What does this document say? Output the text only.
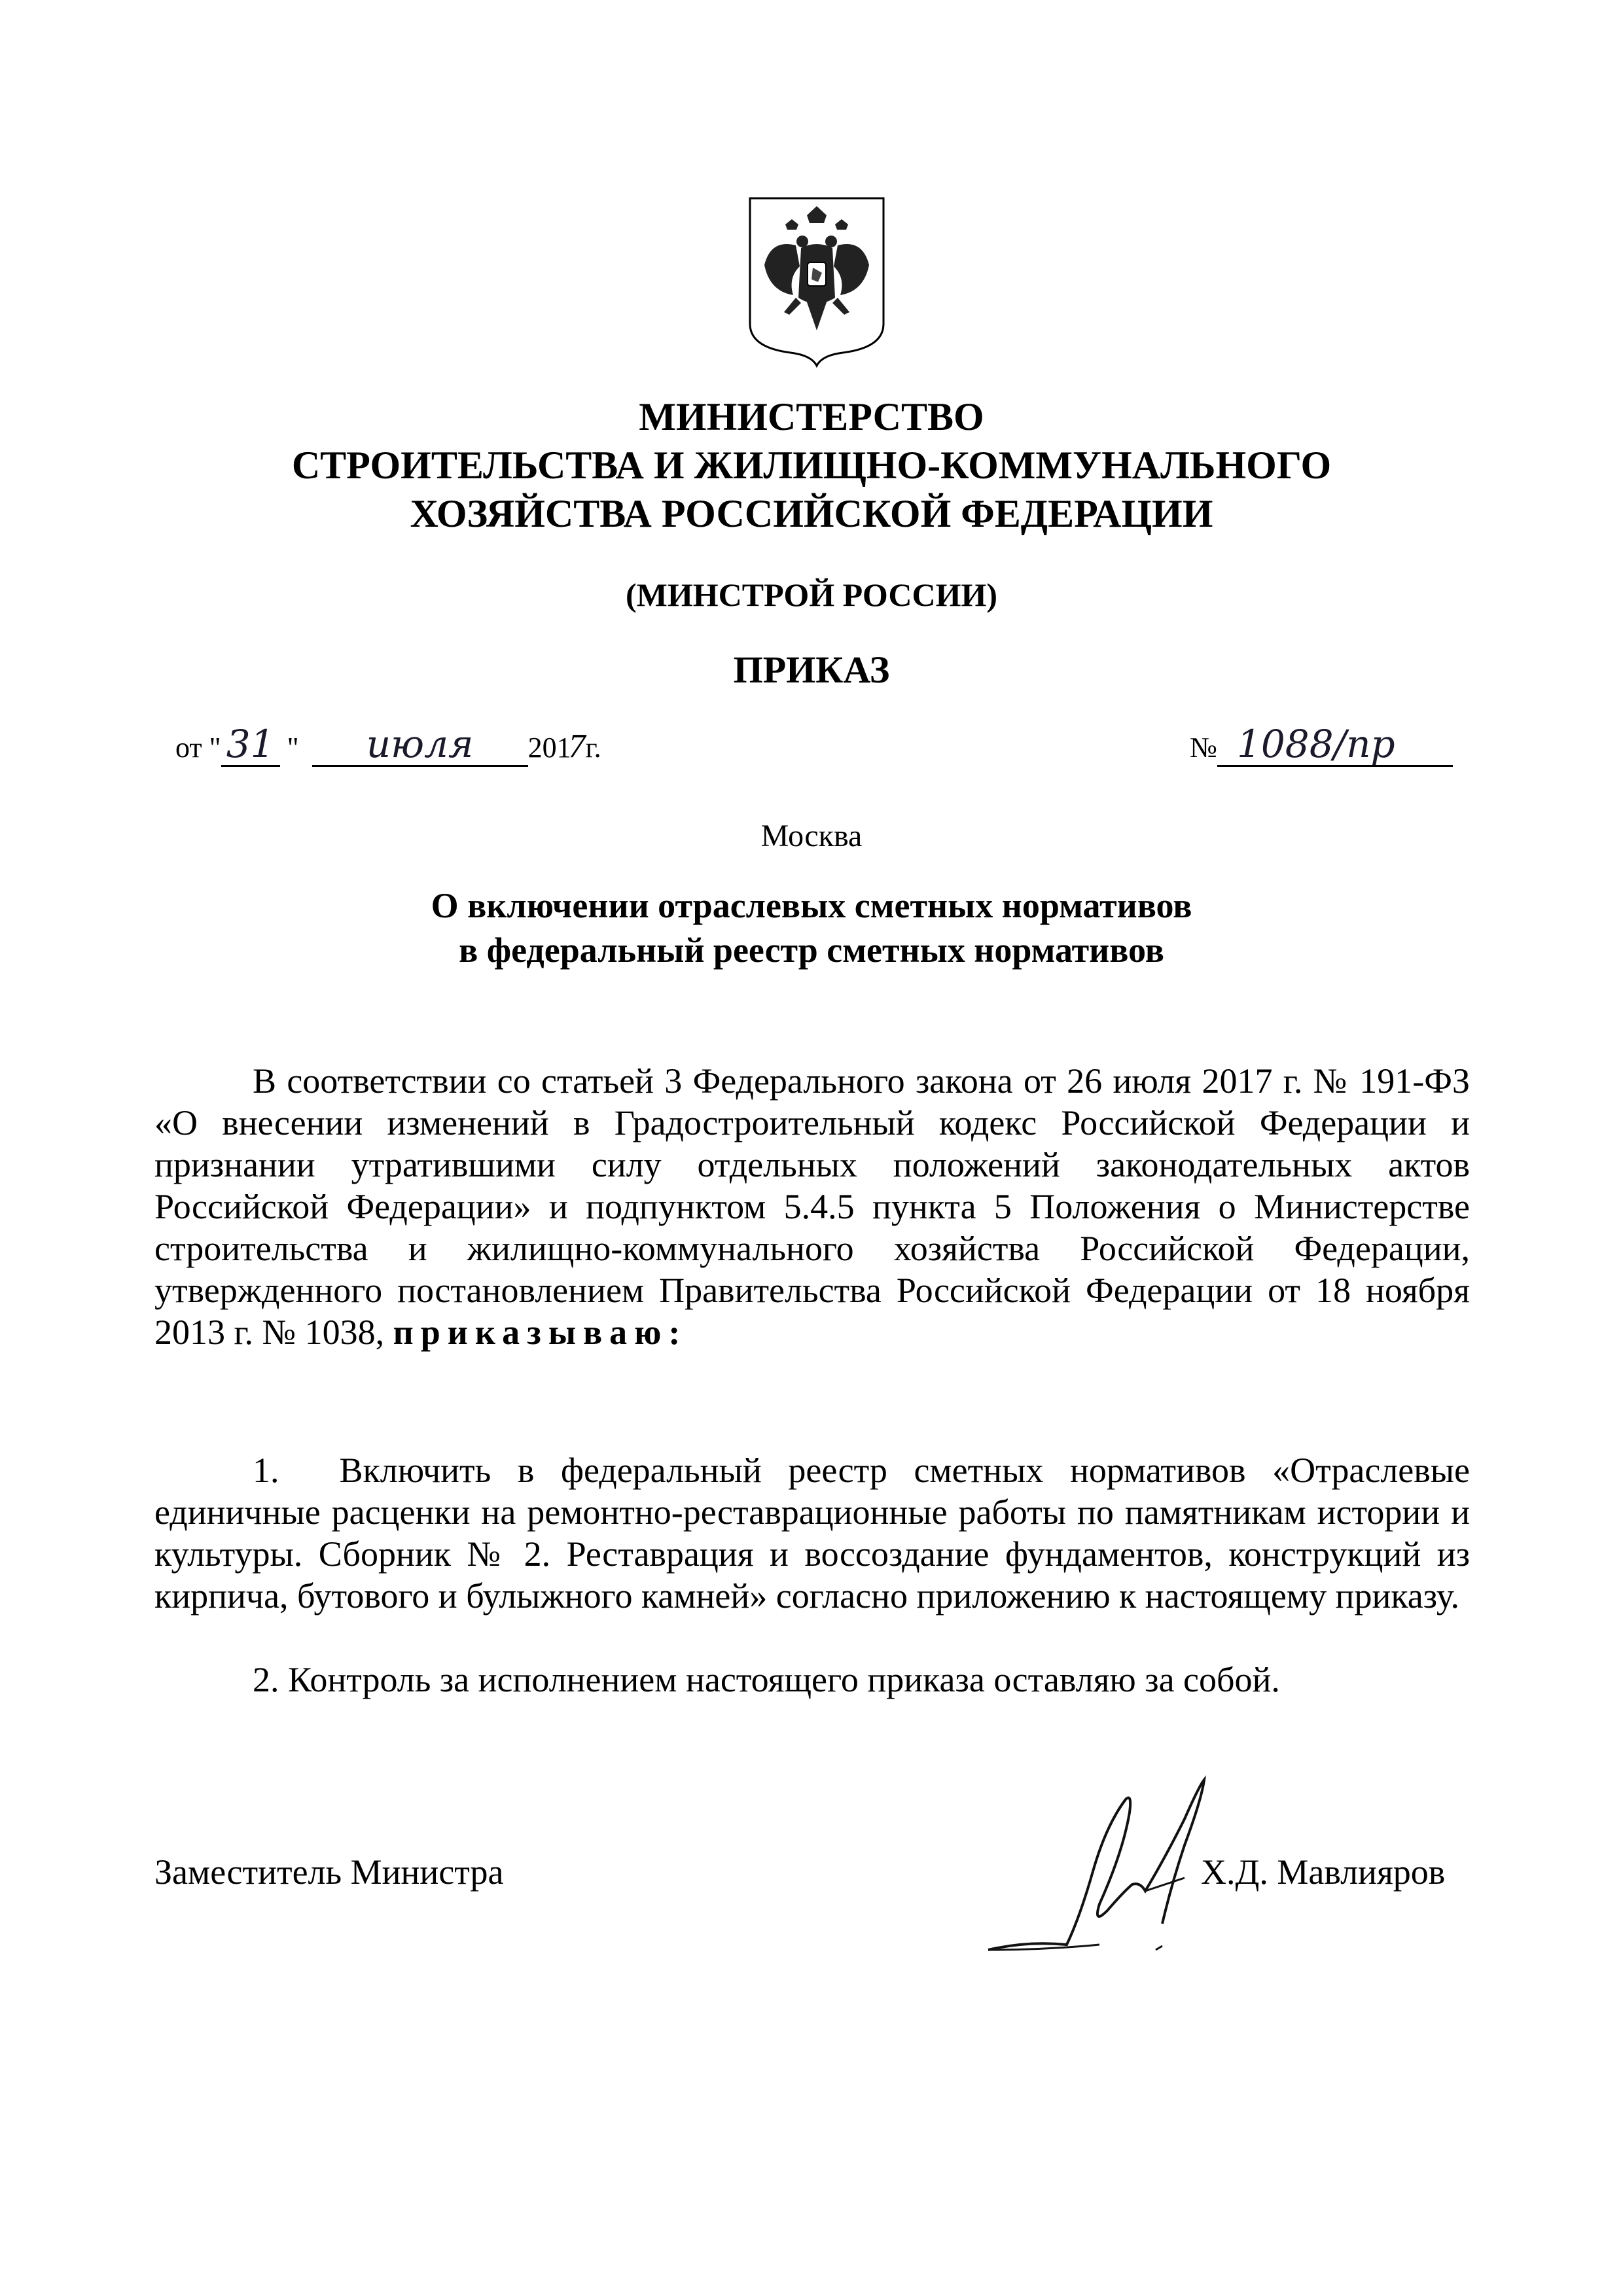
МИНИСТЕРСТВО
СТРОИТЕЛЬСТВА И ЖИЛИЩНО-КОММУНАЛЬНОГО
ХОЗЯЙСТВА РОССИЙСКОЙ ФЕДЕРАЦИИ
(МИНСТРОЙ РОССИИ)
ПРИКАЗ
от " 31 " июля 2017г.	№ 1088/пр
Москва
О включении отраслевых сметных нормативов
в федеральный реестр сметных нормативов
В соответствии со статьей 3 Федерального закона от 26 июля 2017 г. № 191-ФЗ «О внесении изменений в Градостроительный кодекс Российской Федерации и признании утратившими силу отдельных положений законодательных актов Российской Федерации» и подпунктом 5.4.5 пункта 5 Положения о Министерстве строительства и жилищно-коммунального хозяйства Российской Федерации, утвержденного постановлением Правительства Российской Федерации от 18 ноября 2013 г. № 1038, приказываю:
1. Включить в федеральный реестр сметных нормативов «Отраслевые единичные расценки на ремонтно-реставрационные работы по памятникам истории и культуры. Сборник № 2. Реставрация и воссоздание фундаментов, конструкций из кирпича, бутового и булыжного камней» согласно приложению к настоящему приказу.
2. Контроль за исполнением настоящего приказа оставляю за собой.
Заместитель Министра	Х.Д. Мавлияров
